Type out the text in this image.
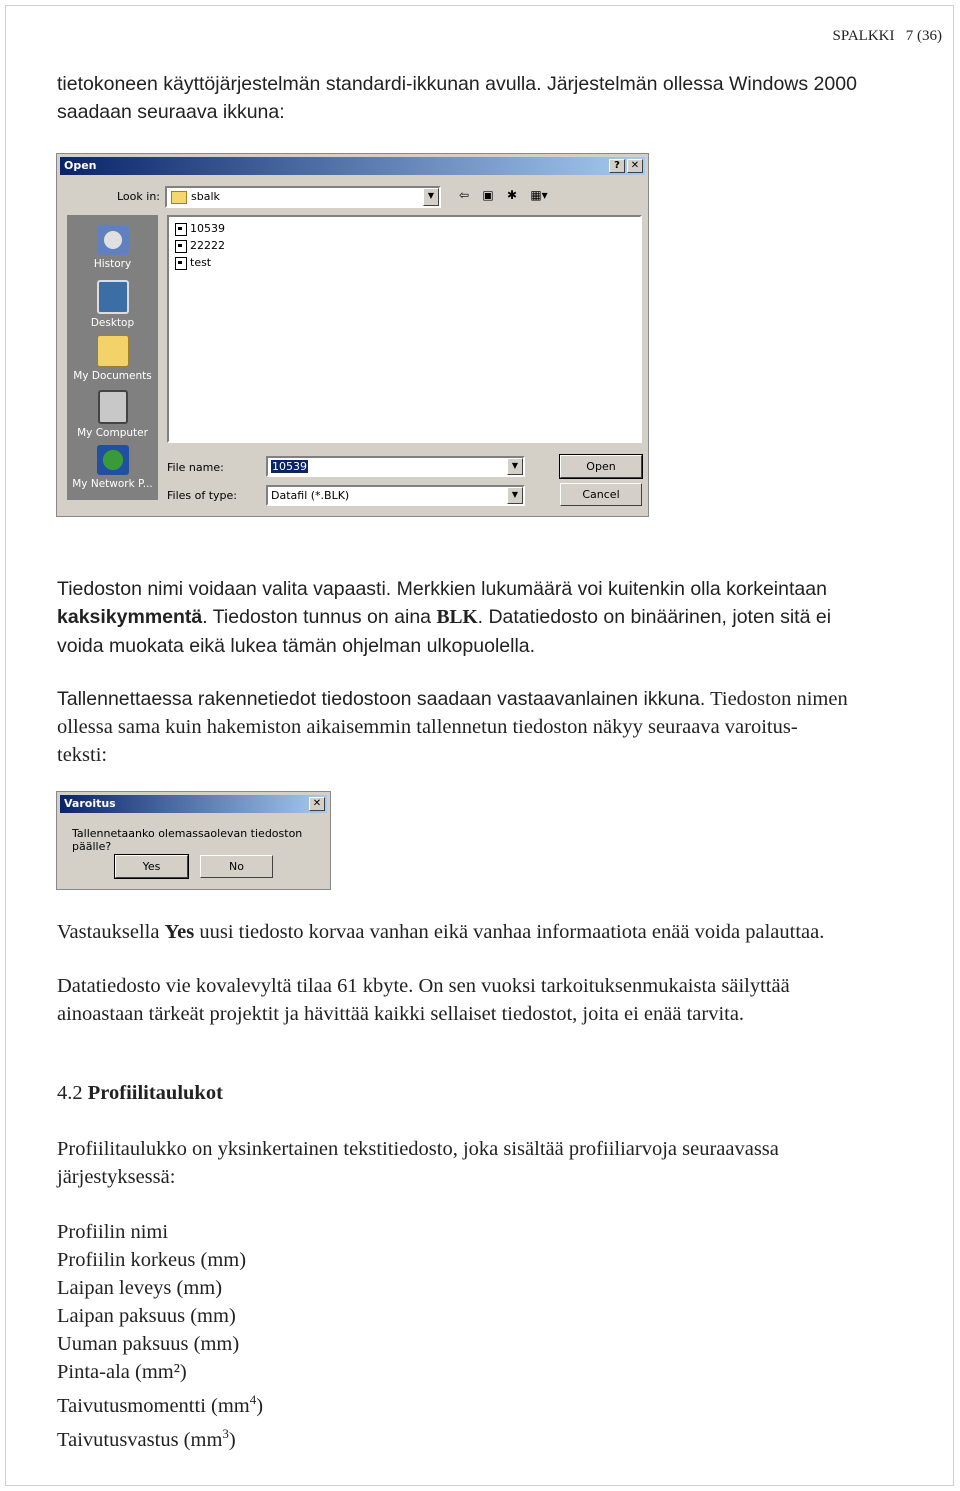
SPALKKI 7 (36)

tietokoneen käyttöjärjestelmän standardi-ikkunan avulla. Järjestelmän ollessa Windows 2000
saadaan seuraava ikkuna:

Open	?	✕
Look in:	sbalk	▼	⇦	▣	✱	▦▾
History
Desktop
My Documents
My Computer
My Network P...
10539
22222
test
File name:	10539	▼
Files of type:	Datafil (*.BLK)	▼
Open
Cancel

Tiedoston nimi voidaan valita vapaasti. Merkkien lukumäärä voi kuitenkin olla korkeintaan
kaksikymmentä. Tiedoston tunnus on aina BLK. Datatiedosto on binäärinen, joten sitä ei
voida muokata eikä lukea tämän ohjelman ulkopuolella.

Tallennettaessa rakennetiedot tiedostoon saadaan vastaavanlainen ikkuna. Tiedoston nimen
ollessa sama kuin hakemiston aikaisemmin tallennetun tiedoston näkyy seuraava varoitus-
teksti:

Varoitus	✕
Tallennetaanko olemassaolevan tiedoston päälle?
Yes	No

Vastauksella Yes uusi tiedosto korvaa vanhan eikä vanhaa informaatiota enää voida palauttaa.

Datatiedosto vie kovalevyltä tilaa 61 kbyte. On sen vuoksi tarkoituksenmukaista säilyttää
ainoastaan tärkeät projektit ja hävittää kaikki sellaiset tiedostot, joita ei enää tarvita.

4.2 Profiilitaulukot

Profiilitaulukko on yksinkertainen tekstitiedosto, joka sisältää profiiliarvoja seuraavassa
järjestyksessä:

Profiilin nimi
Profiilin korkeus (mm)
Laipan leveys (mm)
Laipan paksuus (mm)
Uuman paksuus (mm)
Pinta-ala (mm²)
Taivutusmomentti $(mm^4)$
Taivutusvastus $(mm^3)$
